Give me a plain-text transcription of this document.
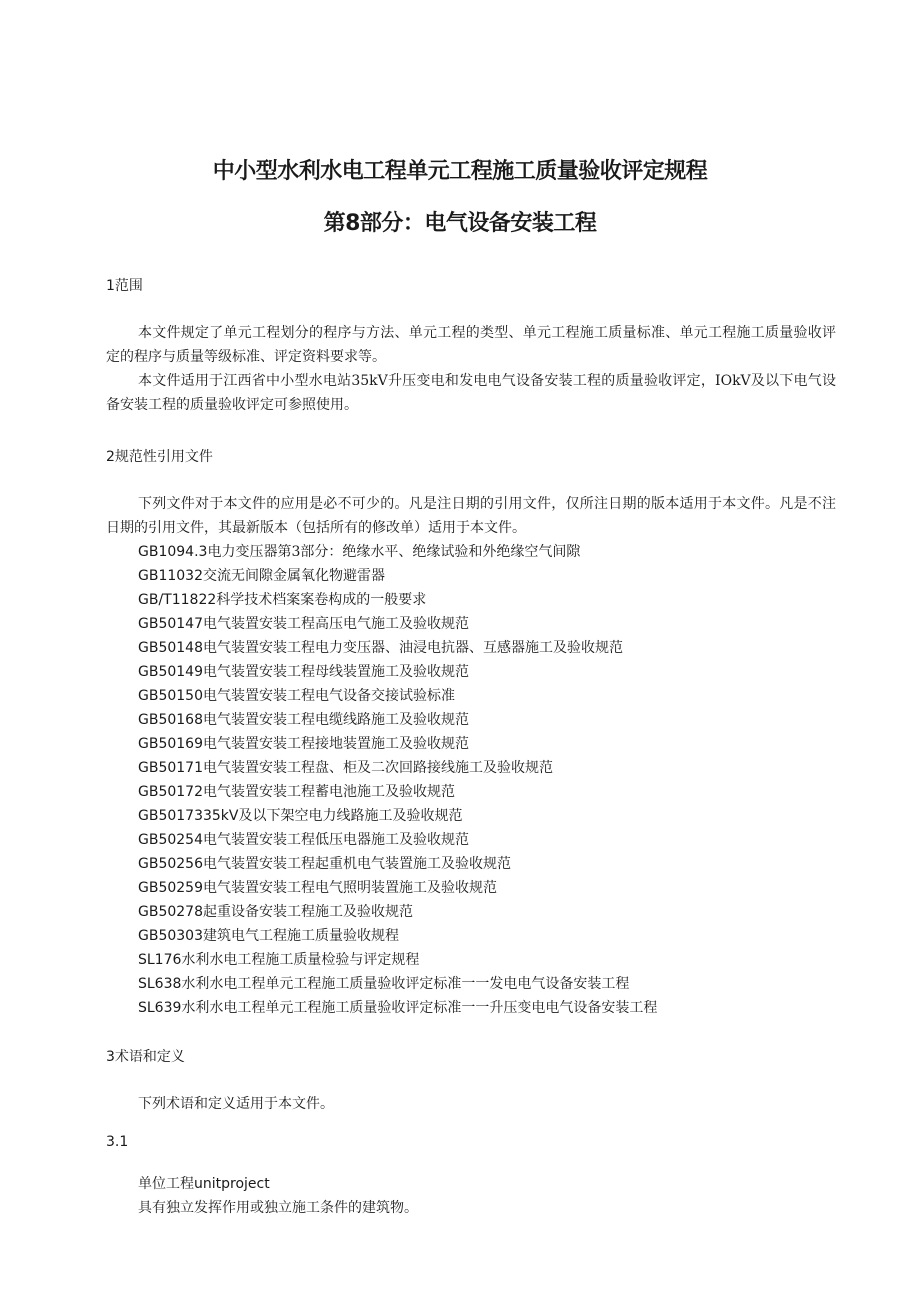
中小型水利水电工程单元工程施工质量验收评定规程
第8部分：电气设备安装工程
1范围
本文件规定了单元工程划分的程序与方法、单元工程的类型、单元工程施工质量标准、单元工程施工质量验收评定的程序与质量等级标准、评定资料要求等。
本文件适用于江西省中小型水电站35kV升压变电和发电电气设备安装工程的质量验收评定，IOkV及以下电气设备安装工程的质量验收评定可参照使用。
2规范性引用文件
下列文件对于本文件的应用是必不可少的。凡是注日期的引用文件，仅所注日期的版本适用于本文件。凡是不注日期的引用文件，其最新版本（包括所有的修改单）适用于本文件。
GB1094.3电力变压器第3部分：绝缘水平、绝缘试验和外绝缘空气间隙
GB11032交流无间隙金属氧化物避雷器
GB/T11822科学技术档案案卷构成的一般要求
GB50147电气装置安装工程高压电气施工及验收规范
GB50148电气装置安装工程电力变压器、油浸电抗器、互感器施工及验收规范
GB50149电气装置安装工程母线装置施工及验收规范
GB50150电气装置安装工程电气设备交接试验标准
GB50168电气装置安装工程电缆线路施工及验收规范
GB50169电气装置安装工程接地装置施工及验收规范
GB50171电气装置安装工程盘、柜及二次回路接线施工及验收规范
GB50172电气装置安装工程蓄电池施工及验收规范
GB5017335kV及以下架空电力线路施工及验收规范
GB50254电气装置安装工程低压电器施工及验收规范
GB50256电气装置安装工程起重机电气装置施工及验收规范
GB50259电气装置安装工程电气照明装置施工及验收规范
GB50278起重设备安装工程施工及验收规范
GB50303建筑电气工程施工质量验收规程
SL176水利水电工程施工质量检验与评定规程
SL638水利水电工程单元工程施工质量验收评定标准一一发电电气设备安装工程
SL639水利水电工程单元工程施工质量验收评定标准一一升压变电电气设备安装工程
3术语和定义
下列术语和定义适用于本文件。
3.1
单位工程unitproject
具有独立发挥作用或独立施工条件的建筑物。
